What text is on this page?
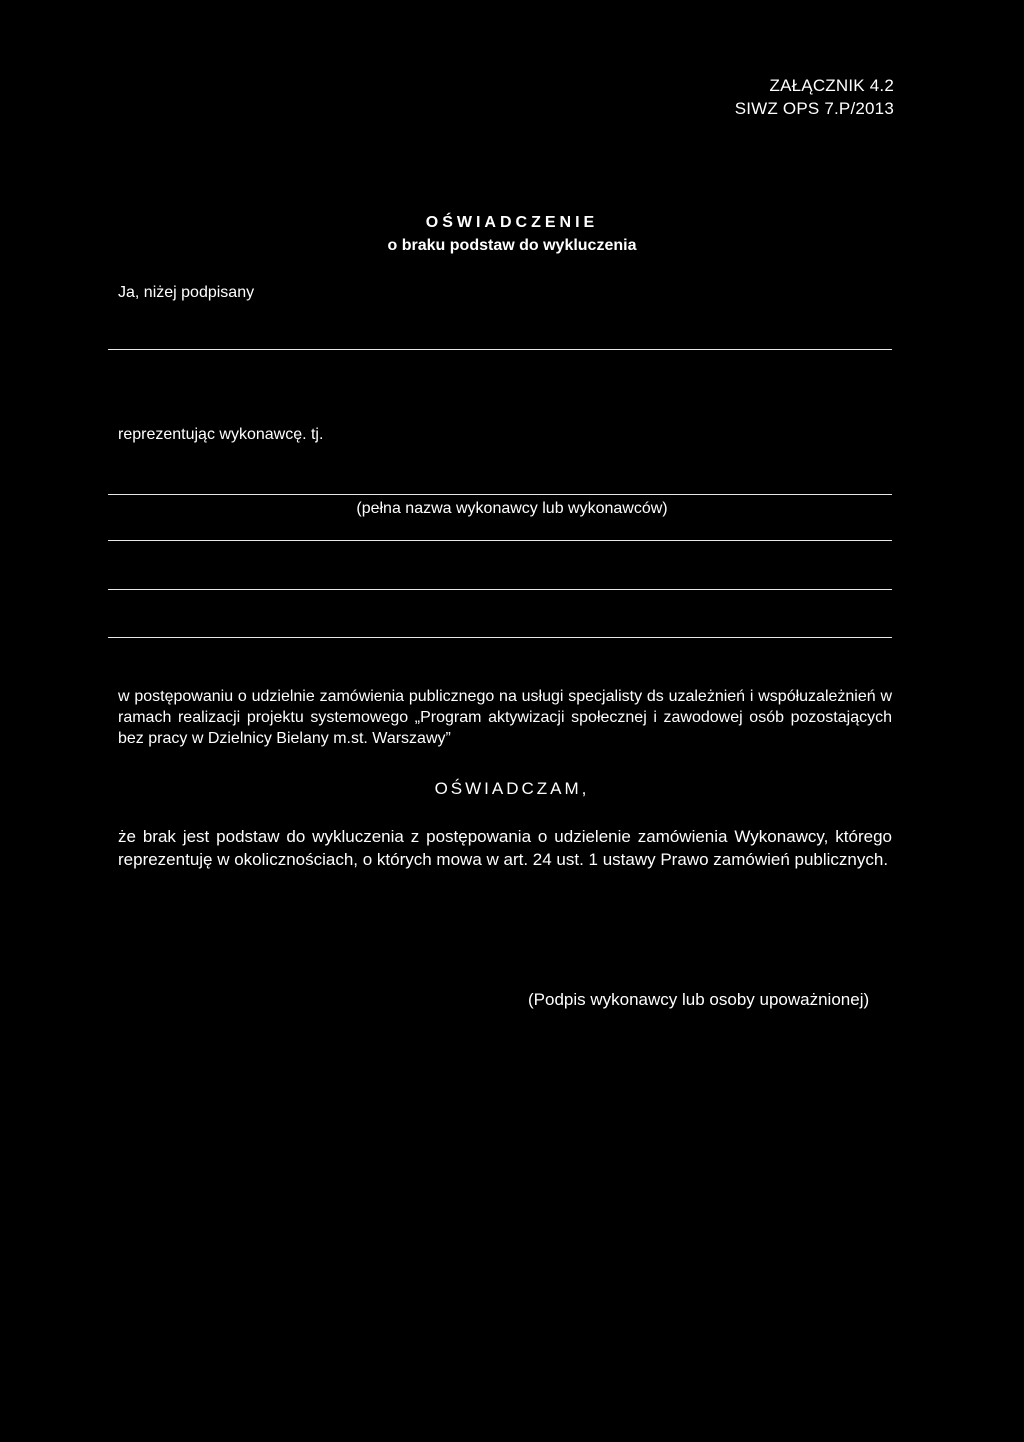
ZAŁĄCZNIK 4.2
SIWZ OPS 7.P/2013
OŚWIADCZENIE
o braku podstaw do wykluczenia
Ja, niżej podpisany
reprezentując wykonawcę. tj.
(pełna nazwa wykonawcy lub wykonawców)
w postępowaniu o udzielnie zamówienia publicznego na usługi specjalisty ds uzależnień i współuzależnień w ramach realizacji projektu systemowego „Program aktywizacji społecznej i zawodowej osób pozostających bez pracy w Dzielnicy Bielany m.st. Warszawy”
OŚWIADCZAM,
że brak jest podstaw do wykluczenia z postępowania o udzielenie zamówienia Wykonawcy, którego reprezentuję w okolicznościach, o których mowa w art. 24 ust. 1 ustawy Prawo zamówień publicznych.
(Podpis wykonawcy lub osoby upoważnionej)
